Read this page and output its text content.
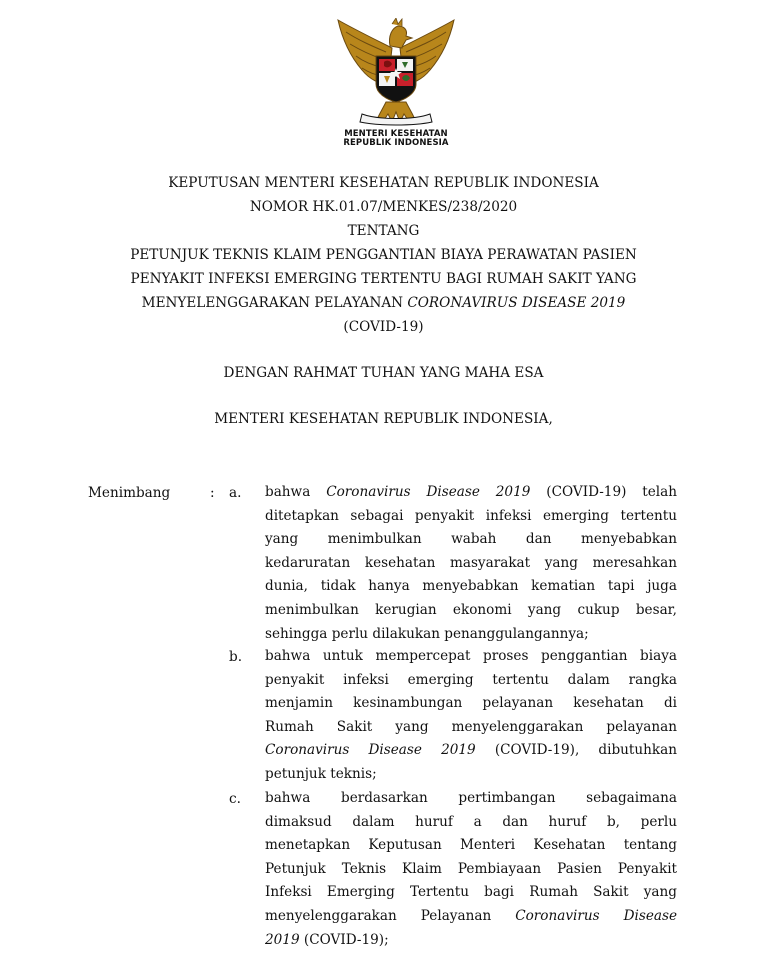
MENTERI KESEHATAN
REPUBLIK INDONESIA
KEPUTUSAN MENTERI KESEHATAN REPUBLIK INDONESIA
NOMOR HK.01.07/MENKES/238/2020
TENTANG
PETUNJUK TEKNIS KLAIM PENGGANTIAN BIAYA PERAWATAN PASIEN
PENYAKIT INFEKSI EMERGING TERTENTU BAGI RUMAH SAKIT YANG
MENYELENGGARAKAN PELAYANAN CORONAVIRUS DISEASE 2019
(COVID-19)
DENGAN RAHMAT TUHAN YANG MAHA ESA
MENTERI KESEHATAN REPUBLIK INDONESIA,
Menimbang	: a. bahwa Coronavirus Disease 2019 (COVID-19) telah
ditetapkan sebagai penyakit infeksi emerging tertentu
yang menimbulkan wabah dan menyebabkan
kedaruratan kesehatan masyarakat yang meresahkan
dunia, tidak hanya menyebabkan kematian tapi juga
menimbulkan kerugian ekonomi yang cukup besar,
sehingga perlu dilakukan penanggulangannya;
b. bahwa untuk mempercepat proses penggantian biaya
penyakit infeksi emerging tertentu dalam rangka
menjamin kesinambungan pelayanan kesehatan di
Rumah Sakit yang menyelenggarakan pelayanan
Coronavirus Disease 2019 (COVID-19), dibutuhkan
petunjuk teknis;
c. bahwa berdasarkan pertimbangan sebagaimana
dimaksud dalam huruf a dan huruf b, perlu
menetapkan Keputusan Menteri Kesehatan tentang
Petunjuk Teknis Klaim Pembiayaan Pasien Penyakit
Infeksi Emerging Tertentu bagi Rumah Sakit yang
menyelenggarakan Pelayanan Coronavirus Disease
2019 (COVID-19);
